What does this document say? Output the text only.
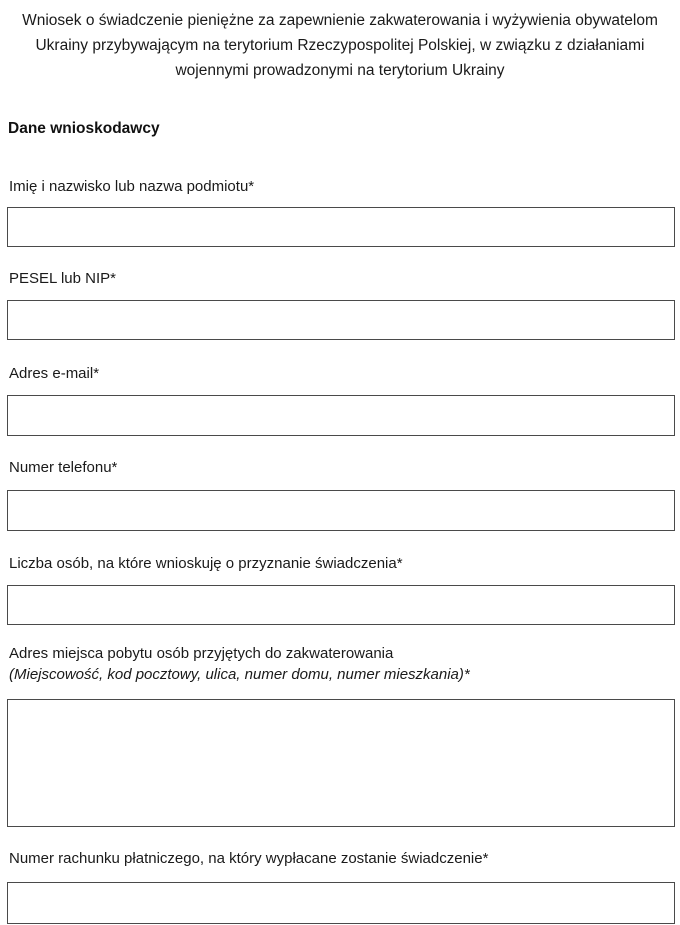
Wniosek o świadczenie pieniężne za zapewnienie zakwaterowania i wyżywienia obywatelom Ukrainy przybywającym na terytorium Rzeczypospolitej Polskiej, w związku z działaniami wojennymi prowadzonymi na terytorium Ukrainy
Dane wnioskodawcy
Imię i nazwisko lub nazwa podmiotu*
PESEL lub NIP*
Adres e-mail*
Numer telefonu*
Liczba osób, na które wnioskuję o przyznanie świadczenia*
Adres miejsca pobytu osób przyjętych do zakwaterowania
(Miejscowość, kod pocztowy, ulica, numer domu, numer mieszkania)*
Numer rachunku płatniczego, na który wypłacane zostanie świadczenie*
